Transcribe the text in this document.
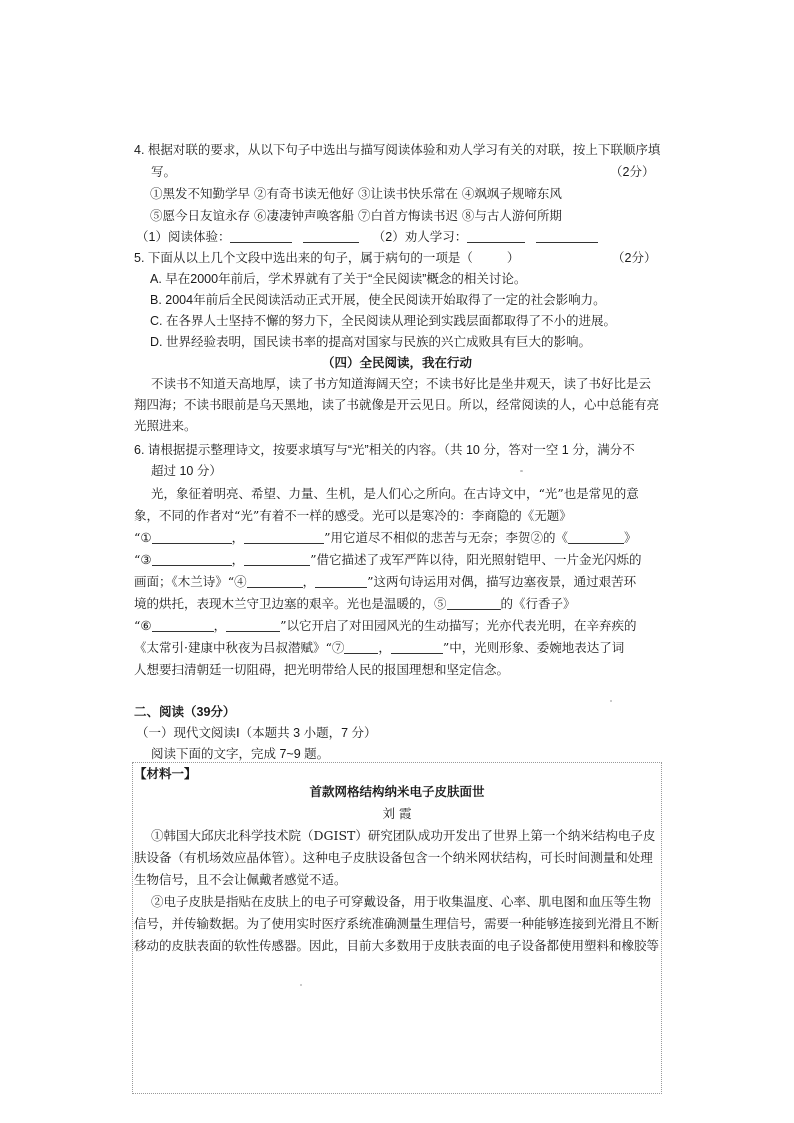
4. 根据对联的要求，从以下句子中选出与描写阅读体验和劝人学习有关的对联，按上下联顺序填
写。	（2分）
①黑发不知勤学早 ②有奇书读无他好 ③让读书快乐常在 ④飒飒子规啼东风
⑤愿今日友谊永存 ⑥凄凄钟声唤客船 ⑦白首方悔读书迟 ⑧与古人游何所期
（1）阅读体验：	（2）劝人学习：
5. 下面从以上几个文段中选出来的句子，属于病句的一项是（	）	（2分）
A. 早在2000年前后，学术界就有了关于“全民阅读”概念的相关讨论。
B. 2004年前后全民阅读活动正式开展，使全民阅读开始取得了一定的社会影响力。
C. 在各界人士坚持不懈的努力下，全民阅读从理论到实践层面都取得了不小的进展。
D. 世界经验表明，国民读书率的提高对国家与民族的兴亡成败具有巨大的影响。
（四）全民阅读，我在行动
不读书不知道天高地厚，读了书方知道海阔天空；不读书好比是坐井观天，读了书好比是云
翔四海；不读书眼前是乌天黑地，读了书就像是开云见日。所以，经常阅读的人，心中总能有亮
光照进来。
6. 请根据提示整理诗文，按要求填写与“光”相关的内容。（共 10 分，答对一空 1 分，满分不
超过 10 分）
光，象征着明亮、希望、力量、生机，是人们心之所向。在古诗文中，“光”也是常见的意
象，不同的作者对“光”有着不一样的感受。光可以是寒冷的：李商隐的《无题》
“①	，	”用它道尽不相似的悲苦与无奈；李贺②的《	》
“③	，	”借它描述了戎军严阵以待，阳光照射铠甲、一片金光闪烁的
画面；《木兰诗》“④	，	”这两句诗运用对偶，描写边塞夜景，通过艰苦环
境的烘托，表现木兰守卫边塞的艰辛。光也是温暖的，⑤	的《行香子》
“⑥	，	”以它开启了对田园风光的生动描写；光亦代表光明，在辛弃疾的
《太常引·建康中秋夜为吕叔潜赋》“⑦	，	”中，光则形象、委婉地表达了词
人想要扫清朝廷一切阻碍，把光明带给人民的报国理想和坚定信念。
二、阅读（39分）
（一）现代文阅读Ⅰ（本题共 3 小题，7 分）
阅读下面的文字，完成 7~9 题。
【材料一】
首款网格结构纳米电子皮肤面世
刘 霞
①韩国大邱庆北科学技术院（DGIST）研究团队成功开发出了世界上第一个纳米结构电子皮
肤设备（有机场效应晶体管）。这种电子皮肤设备包含一个纳米网状结构，可长时间测量和处理
生物信号，且不会让佩戴者感觉不适。
②电子皮肤是指贴在皮肤上的电子可穿戴设备，用于收集温度、心率、肌电图和血压等生物
信号，并传输数据。为了使用实时医疗系统准确测量生理信号，需要一种能够连接到光滑且不断
移动的皮肤表面的软性传感器。因此，目前大多数用于皮肤表面的电子设备都使用塑料和橡胶等
